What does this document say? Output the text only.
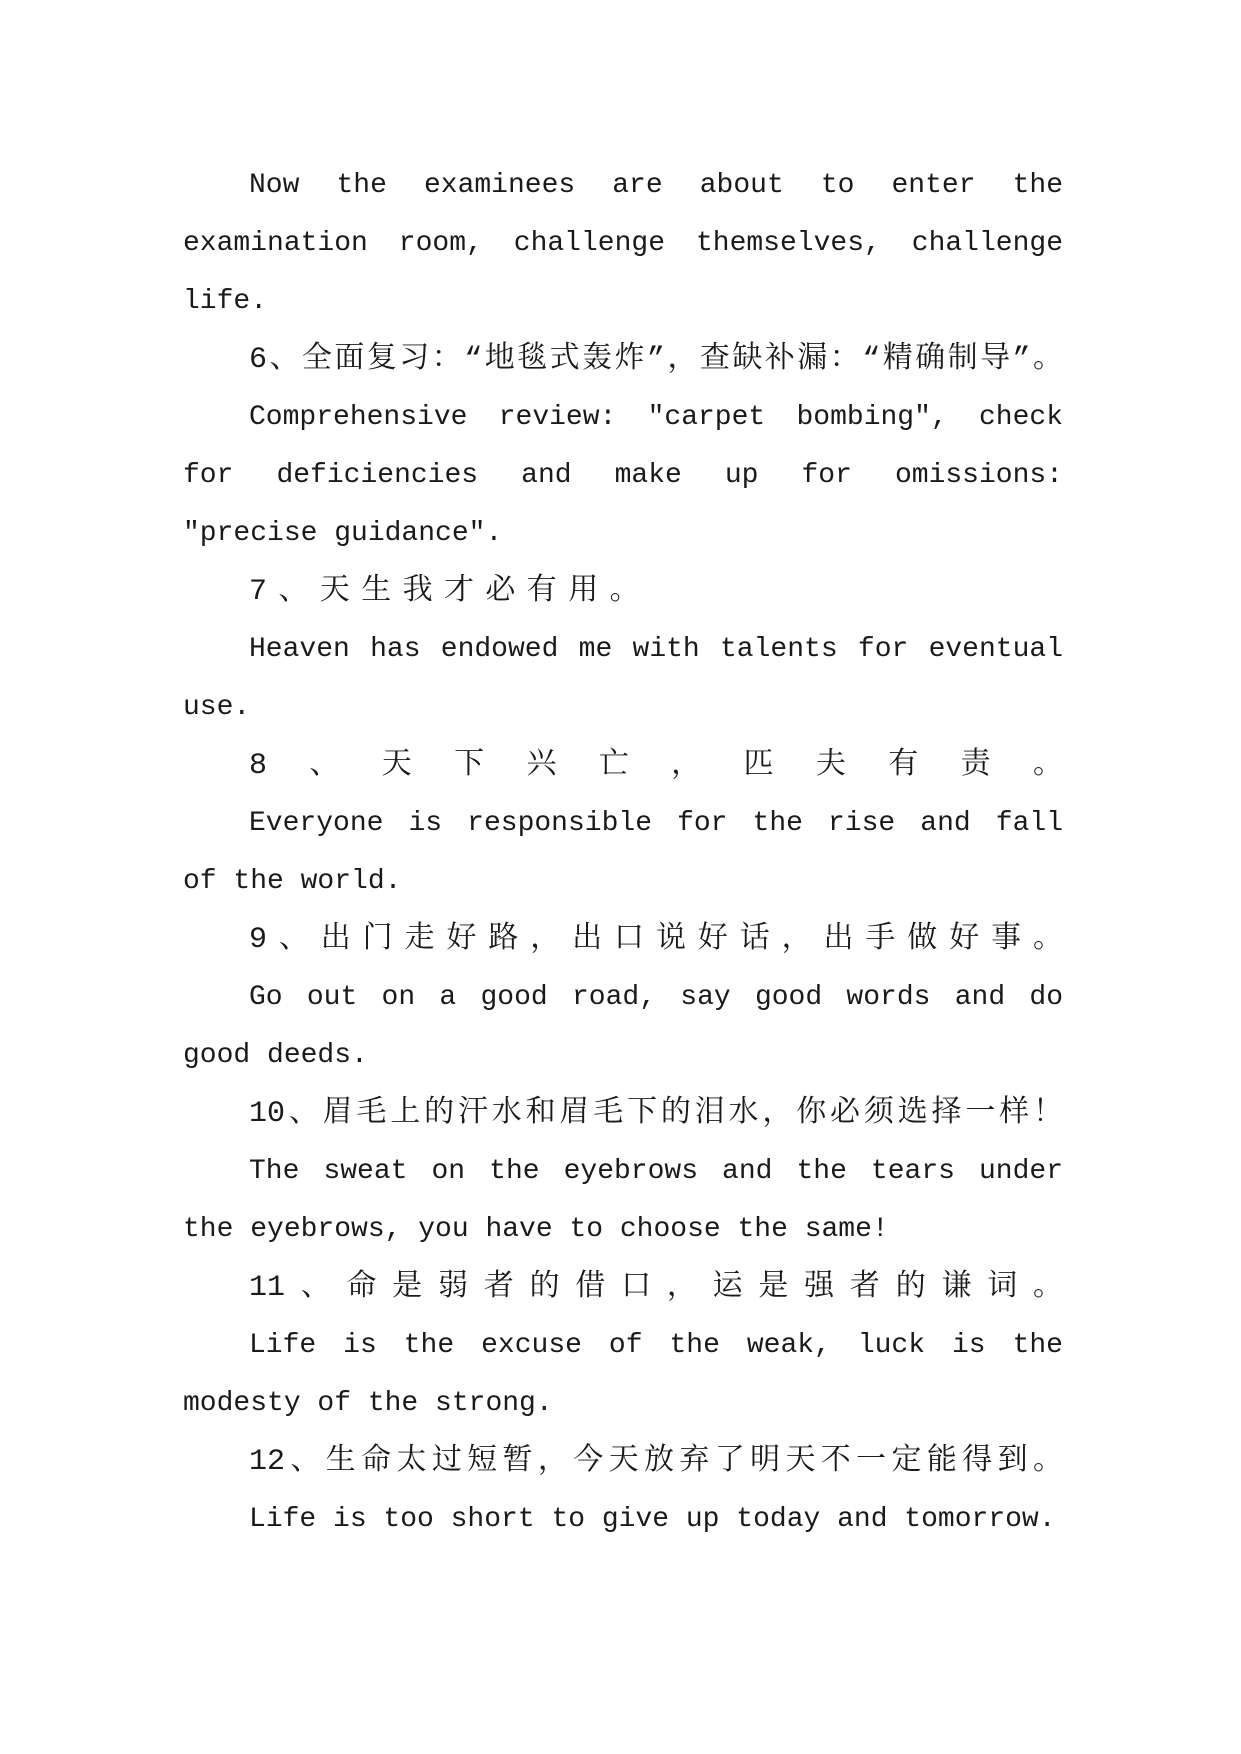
Now the examinees are about to enter the
examination room, challenge themselves, challenge
life.
6、全面复习：“地毯式轰炸”，查缺补漏：“精确制导”。
Comprehensive review: "carpet bombing", check
for deficiencies and make up for omissions:
"precise guidance".
7、天生我才必有用。
Heaven has endowed me with talents for eventual
use.
8、天下兴亡，匹夫有责。
Everyone is responsible for the rise and fall
of the world.
9、出门走好路，出口说好话，出手做好事。
Go out on a good road, say good words and do
good deeds.
10、眉毛上的汗水和眉毛下的泪水，你必须选择一样！
The sweat on the eyebrows and the tears under
the eyebrows, you have to choose the same!
11、命是弱者的借口，运是强者的谦词。
Life is the excuse of the weak, luck is the
modesty of the strong.
12、生命太过短暂，今天放弃了明天不一定能得到。
Life is too short to give up today and tomorrow.
